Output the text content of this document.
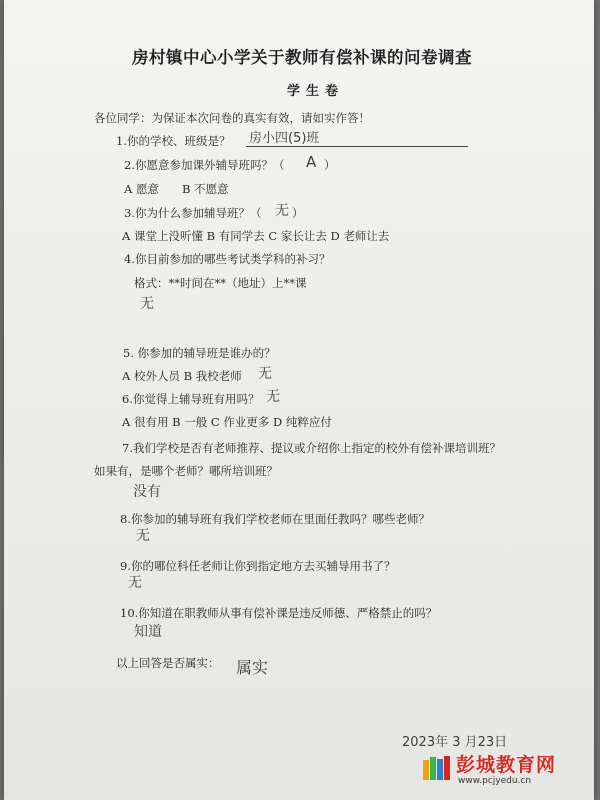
房村镇中心小学关于教师有偿补课的问卷调查
学生卷
各位同学：为保证本次问卷的真实有效，请如实作答！
1.你的学校、班级是？ 房小四(5)班
2.你愿意参加课外辅导班吗？（ A ）
A 愿意　　B 不愿意
3.你为什么参加辅导班？（ 无 ）
A 课堂上没听懂 B 有同学去 C 家长让去 D 老师让去
4.你目前参加的哪些考试类学科的补习？
格式：**时间在**（地址）上**课
无
5. 你参加的辅导班是谁办的？
A 校外人员 B 我校老师 无
6.你觉得上辅导班有用吗？ 无
A 很有用 B 一般 C 作业更多 D 纯粹应付
7.我们学校是否有老师推荐、提议或介绍你上指定的校外有偿补课培训班？
如果有，是哪个老师？哪所培训班？
没有
8.你参加的辅导班有我们学校老师在里面任教吗？哪些老师？
无
9.你的哪位科任老师让你到指定地方去买辅导用书了？
无
10.你知道在职教师从事有偿补课是违反师德、严格禁止的吗？
知道
以上回答是否属实： 属实
2023年 3 月23日
彭城教育网
www.pcjyedu.cn
